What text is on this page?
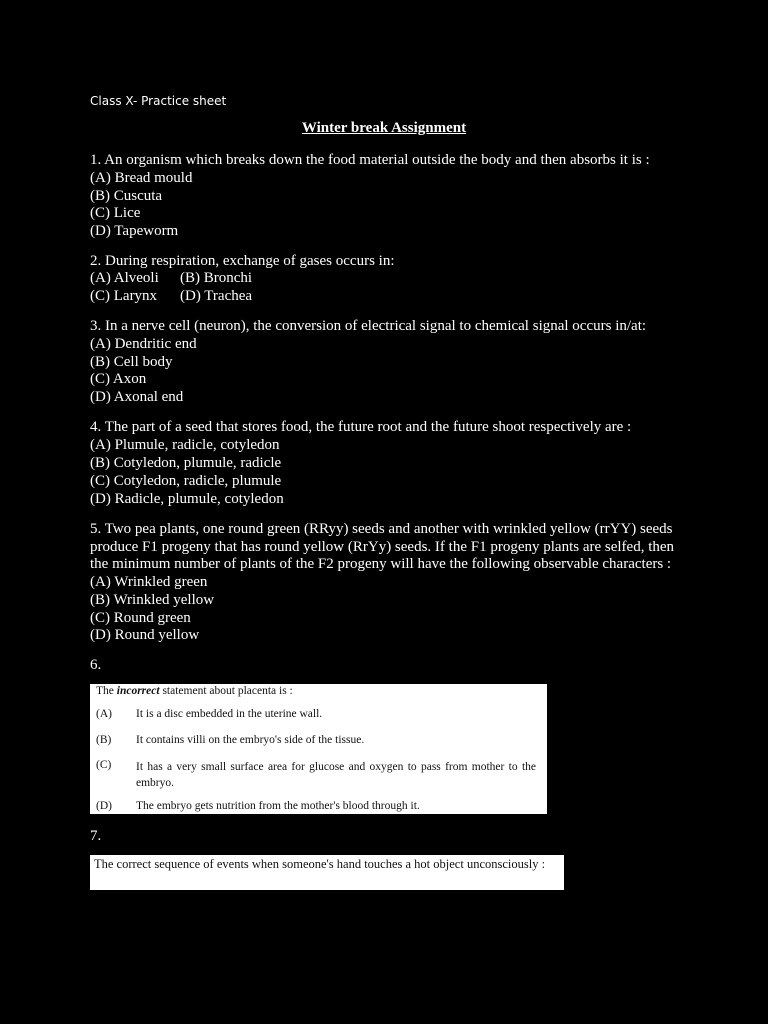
Class X- Practice sheet
Winter break Assignment
1. An organism which breaks down the food material outside the body and then absorbs it is :
(A) Bread mould
(B) Cuscuta
(C) Lice
(D) Tapeworm
2. During respiration, exchange of gases occurs in:
(A) Alveoli (B) Bronchi
(C) Larynx (D) Trachea
3. In a nerve cell (neuron), the conversion of electrical signal to chemical signal occurs in/at:
(A) Dendritic end
(B) Cell body
(C) Axon
(D) Axonal end
4. The part of a seed that stores food, the future root and the future shoot respectively are :
(A) Plumule, radicle, cotyledon
(B) Cotyledon, plumule, radicle
(C) Cotyledon, radicle, plumule
(D) Radicle, plumule, cotyledon
5. Two pea plants, one round green (RRyy) seeds and another with wrinkled yellow (rrYY) seeds
produce F1 progeny that has round yellow (RrYy) seeds. If the F1 progeny plants are selfed, then
the minimum number of plants of the F2 progeny will have the following observable characters :
(A) Wrinkled green
(B) Wrinkled yellow
(C) Round green
(D) Round yellow
6.
The incorrect statement about placenta is :
(A)	It is a disc embedded in the uterine wall.
(B)	It contains villi on the embryo's side of the tissue.
(C)	It has a very small surface area for glucose and oxygen to pass from mother to the embryo.
(D)	The embryo gets nutrition from the mother's blood through it.
7.
The correct sequence of events when someone's hand touches a hot object unconsciously :
